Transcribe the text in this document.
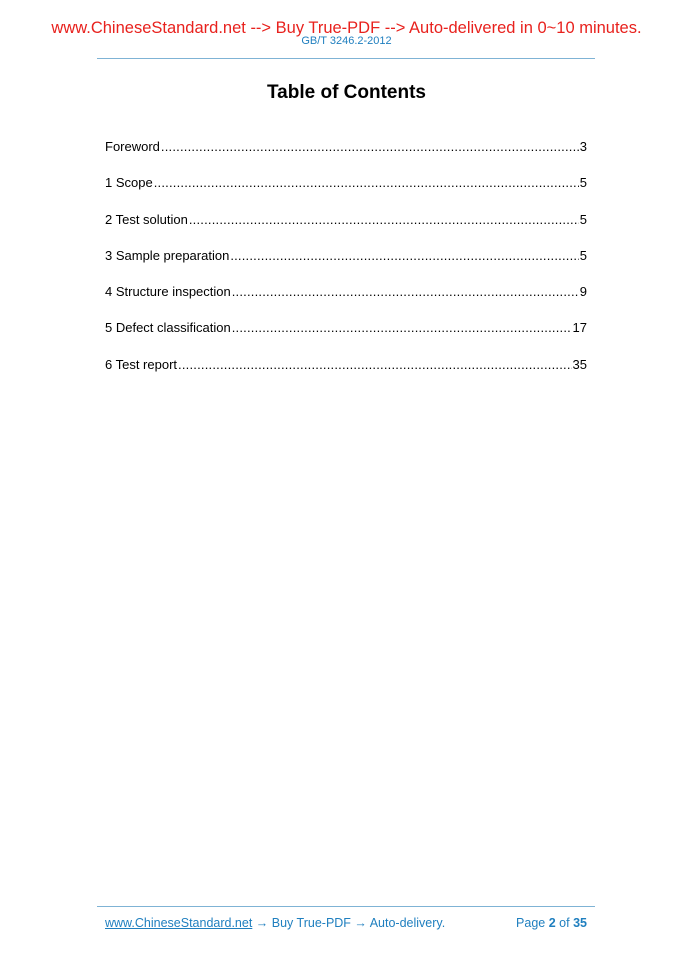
www.ChineseStandard.net --> Buy True-PDF --> Auto-delivered in 0~10 minutes.
GB/T 3246.2-2012
Table of Contents
Foreword .....	3
1 Scope .....	5
2 Test solution .....	5
3 Sample preparation .....	5
4 Structure inspection .....	9
5 Defect classification .....	17
6 Test report .....	35
www.ChineseStandard.net → Buy True-PDF → Auto-delivery.	Page 2 of 35
